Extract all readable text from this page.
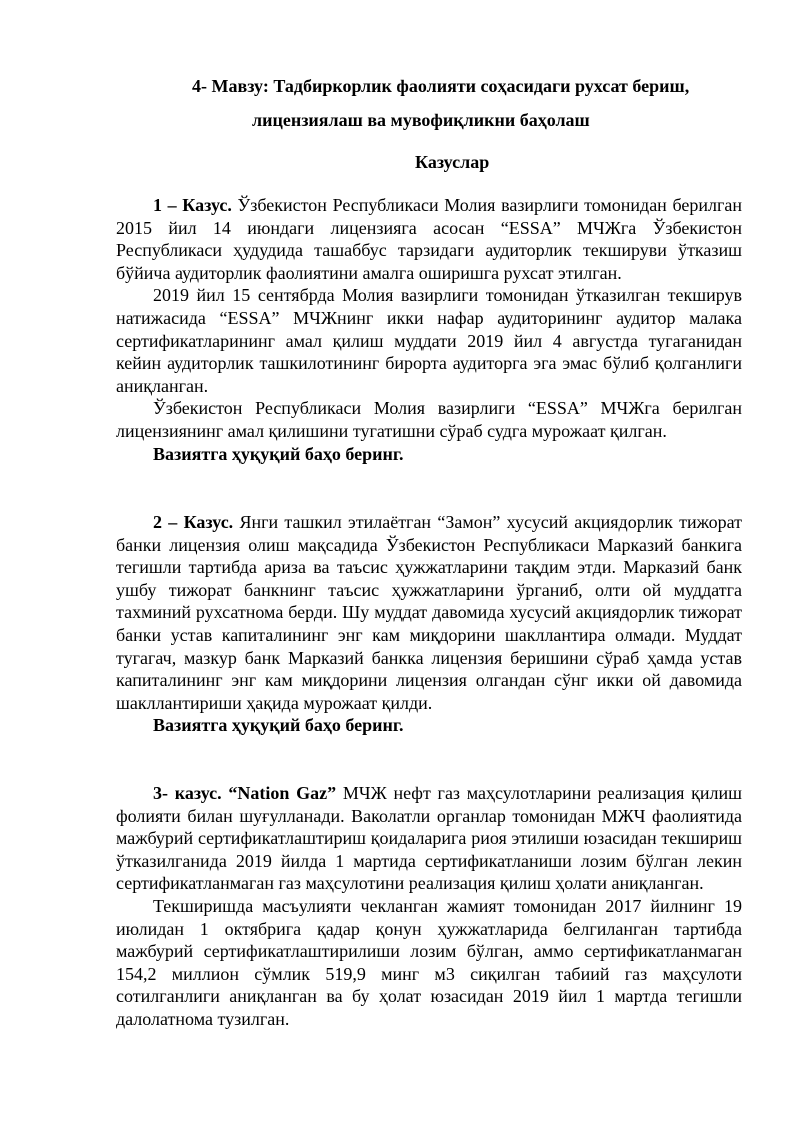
4- Мавзу: Тадбиркорлик фаолияти соҳасидаги рухсат бериш,
лицензиялаш ва мувофиқликни баҳолаш
Казуслар

1 – Казус. Ўзбекистон Республикаси Молия вазирлиги томонидан берилган

2015 йил 14 июндаги лицензияга асосан “ESSA” МЧЖга Ўзбекистон Республикаси ҳудудида ташаббус тарзидаги аудиторлик текшируви ўтказиш бўйича аудиторлик фаолиятини амалга оширишга рухсат этилган.

2019 йил 15 сентябрда Молия вазирлиги томонидан ўтказилган текширув натижасида “ESSA” МЧЖнинг икки нафар аудиторининг аудитор малака сертификатларининг амал қилиш муддати 2019 йил 4 августда тугаганидан кейин аудиторлик ташкилотининг бирорта аудиторга эга эмас бўлиб қолганлиги аниқланган.

Ўзбекистон Республикаси Молия вазирлиги “ESSA” МЧЖга берилган лицензиянинг амал қилишини тугатишни сўраб судга мурожаат қилган.

Вазиятга ҳуқуқий баҳо беринг.

2 – Казус. Янги ташкил этилаётган “Замон” хусусий акциядорлик тижорат банки лицензия олиш мақсадида Ўзбекистон Республикаси Марказий банкига тегишли тартибда ариза ва таъсис ҳужжатларини тақдим этди. Марказий банк ушбу тижорат банкнинг таъсис ҳужжатларини ўрганиб, олти ой муддатга тахминий рухсатнома берди. Шу муддат давомида хусусий акциядорлик тижорат банки устав капиталининг энг кам миқдорини шакллантира олмади. Муддат тугагач, мазкур банк Марказий банкка лицензия беришини сўраб ҳамда устав капиталининг энг кам миқдорини лицензия олгандан сўнг икки ой давомида шакллантириши ҳақида мурожаат қилди.

Вазиятга ҳуқуқий баҳо беринг.

3- казус. “Nation Gaz” МЧЖ нефт газ маҳсулотларини реализация қилиш фолияти билан шуғулланади. Ваколатли органлар томонидан МЖЧ фаолиятида мажбурий сертификатлаштириш қоидаларига риоя этилиши юзасидан текшириш ўтказилганида 2019 йилда 1 мартида сертификатланиши лозим бўлган лекин сертификатланмаган газ маҳсулотини реализация қилиш ҳолати аниқланган.

Текширишда масъулияти чекланган жамият томонидан 2017 йилнинг 19 июлидан 1 октябрига қадар қонун ҳужжатларида белгиланган тартибда мажбурий сертификатлаштирилиши лозим бўлган, аммо сертификатланмаган 154,2 миллион сўмлик 519,9 минг м3 сиқилган табиий газ маҳсулоти сотилганлиги аниқланган ва бу ҳолат юзасидан 2019 йил 1 мартда тегишли далолатнома тузилган.
